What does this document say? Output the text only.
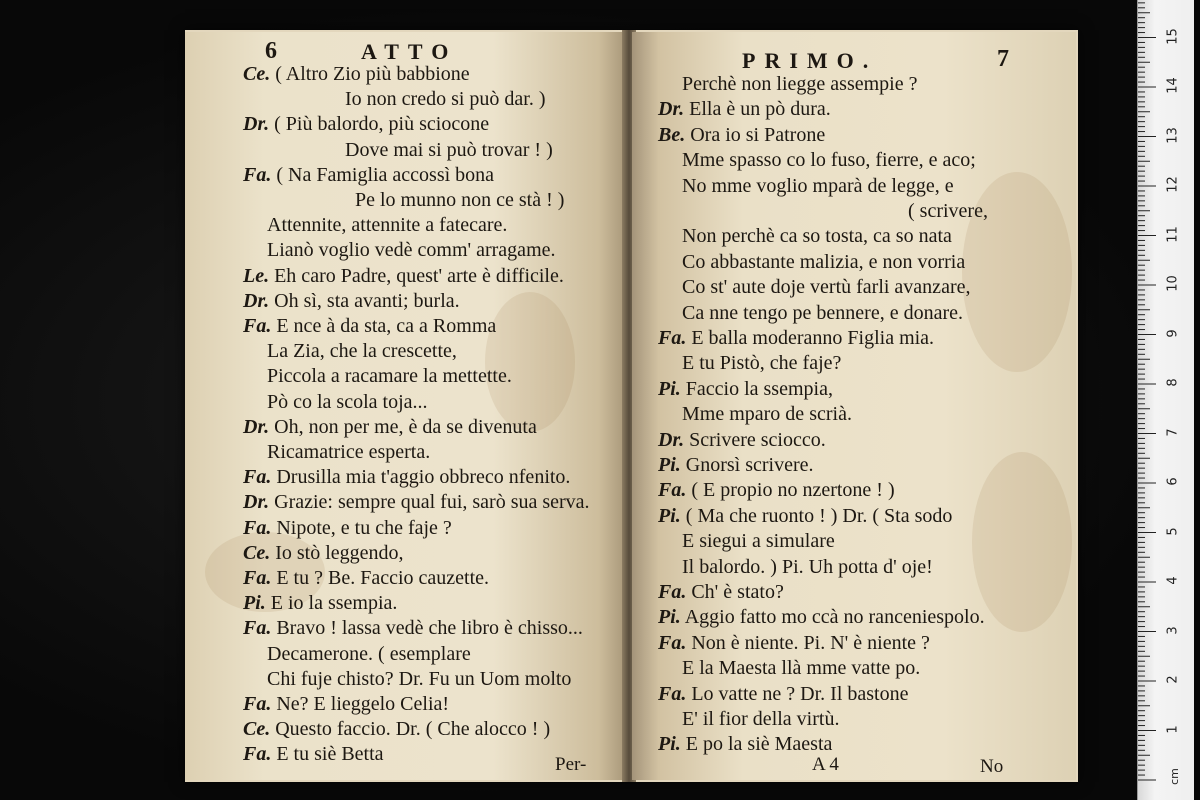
6	ATTO
Ce. ( Altro Zio più babbione
Io non credo si può dar. )
Dr. ( Più balordo, più sciocone
Dove mai si può trovar ! )
Fa. ( Na Famiglia accossì bona
Pe lo munno non ce stà ! )
Attennite, attennite a fatecare.
Lianò voglio vedè comm' arragame.
Le. Eh caro Padre, quest' arte è difficile.
Dr. Oh sì, sta avanti; burla.
Fa. E nce à da sta, ca a Romma
La Zia, che la crescette,
Piccola a racamare la mettette.
Pò co la scola toja...
Dr. Oh, non per me, è da se divenuta
Ricamatrice esperta.
Fa. Drusilla mia t'aggio obbreco nfenito.
Dr. Grazie: sempre qual fui, sarò sua serva.
Fa. Nipote, e tu che faje ?
Ce. Io stò leggendo,
Fa. E tu ? Be. Faccio cauzette.
Pi. E io la ssempia.
Fa. Bravo ! lassa vedè che libro è chisso...
Decamerone. ( esemplare
Chi fuje chisto? Dr. Fu un Uom molto
Fa. Ne? E lieggelo Celia!
Ce. Questo faccio. Dr. ( Che alocco ! )
Fa. E tu siè Betta	Per-
PRIMO.	7
Perchè non liegge assempie ?
Dr. Ella è un pò dura.
Be. Ora io si Patrone
Mme spasso co lo fuso, fierre, e aco;
No mme voglio mparà de legge, e
( scrivere,
Non perchè ca so tosta, ca so nata
Co abbastante malizia, e non vorria
Co st' aute doje vertù farli avanzare,
Ca nne tengo pe bennere, e donare.
Fa. E balla moderanno Figlia mia.
E tu Pistò, che faje?
Pi. Faccio la ssempia,
Mme mparo de scrià.
Dr. Scrivere sciocco.
Pi. Gnorsì scrivere.
Fa. ( E propio no nzertone ! )
Pi. ( Ma che ruonto ! ) Dr. ( Sta sodo
E siegui a simulare
Il balordo. ) Pi. Uh potta d' oje!
Fa. Ch' è stato?
Pi. Aggio fatto mo ccà no ranceniespolo.
Fa. Non è niente. Pi. N' è niente ?
E la Maesta llà mme vatte po.
Fa. Lo vatte ne ? Dr. Il bastone
E' il fior della virtù.
Pi. E po la siè Maesta
A 4	No
1
2
3
4
5
6
7
8
9
10
11
12
13
14
15
cm
